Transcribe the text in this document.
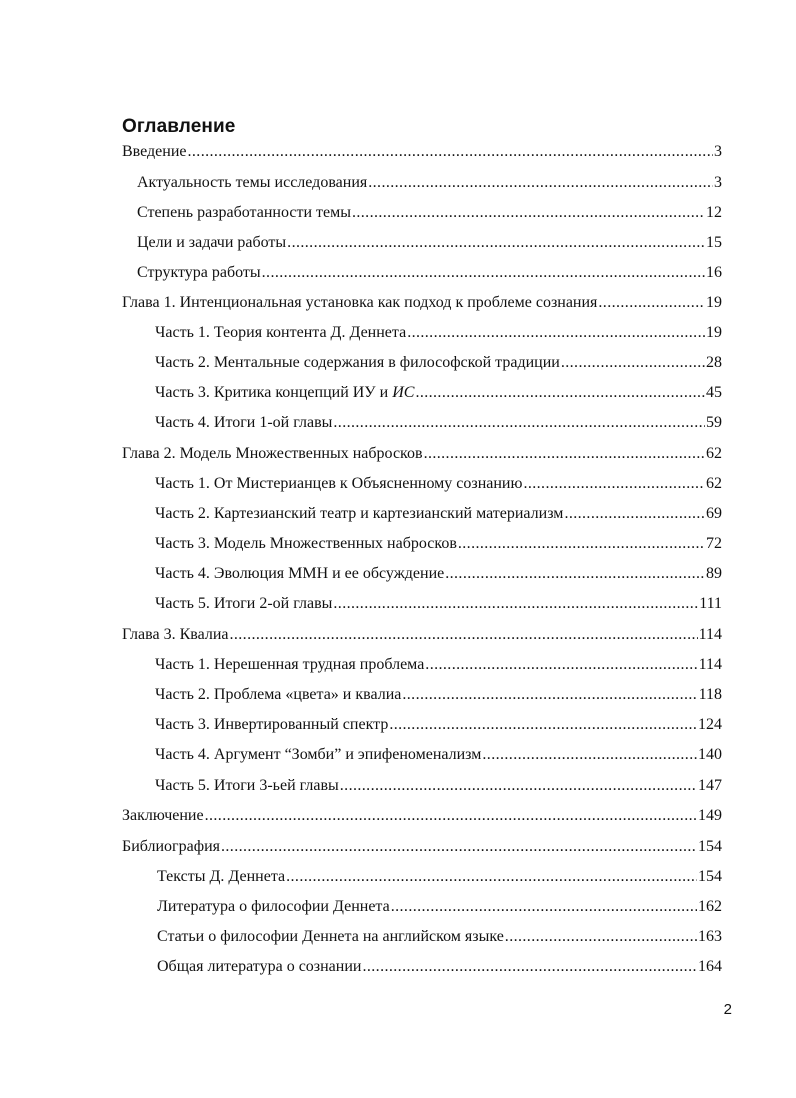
Оглавление
Введение .....	3
Актуальность темы исследования .....	3
Степень разработанности темы .....	12
Цели и задачи работы .....	15
Структура работы .....	16
Глава 1. Интенциональная установка как подход к проблеме сознания .....	19
Часть 1. Теория контента Д. Деннета .....	19
Часть 2. Ментальные содержания в философской традиции .....	28
Часть 3. Критика концепций ИУ и ИС .....	45
Часть 4. Итоги 1-ой главы .....	59
Глава 2. Модель Множественных набросков .....	62
Часть 1. От Мистерианцев к Объясненному сознанию .....	62
Часть 2. Картезианский театр и картезианский материализм .....	69
Часть 3. Модель Множественных набросков .....	72
Часть 4. Эволюция ММН и ее обсуждение .....	89
Часть 5. Итоги 2-ой главы .....	111
Глава 3. Квалиа .....	114
Часть 1. Нерешенная трудная проблема .....	114
Часть 2. Проблема «цвета» и квалиа .....	118
Часть 3. Инвертированный спектр .....	124
Часть 4. Аргумент “Зомби” и эпифеноменализм .....	140
Часть 5. Итоги 3-ьей главы .....	147
Заключение .....	149
Библиография .....	154
Тексты Д. Деннета .....	154
Литература о философии Деннета .....	162
Статьи о философии Деннета на английском языке .....	163
Общая литература о сознании .....	164
2
